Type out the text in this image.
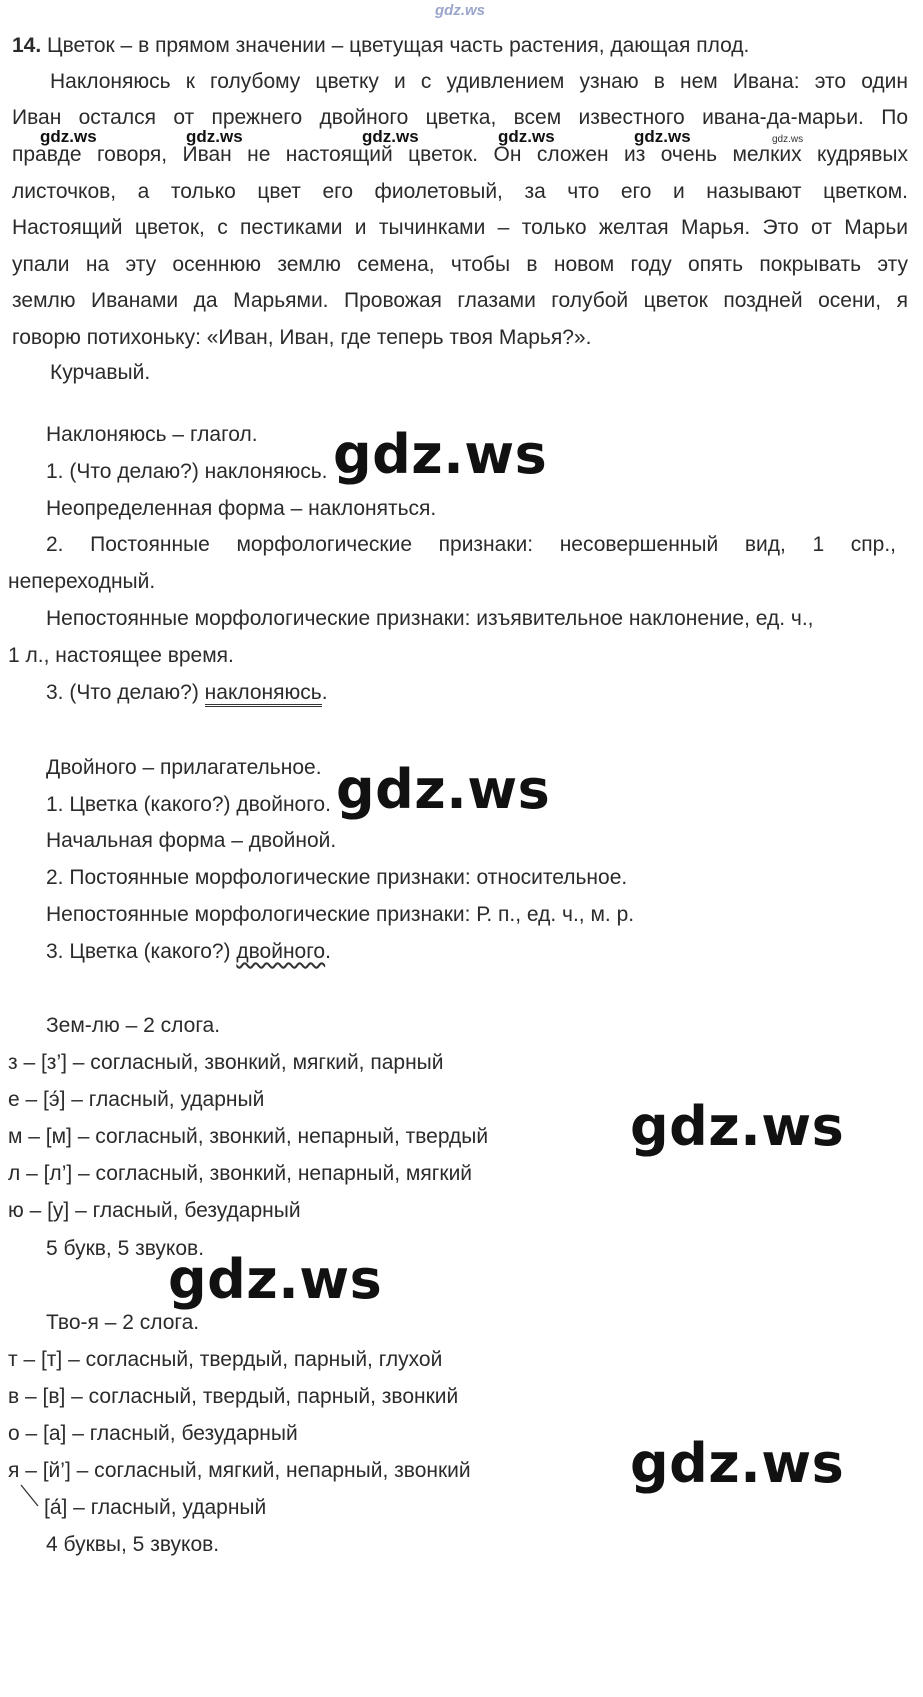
gdz.ws
14. Цветок – в прямом значении – цветущая часть растения, дающая плод.
Наклоняюсь к голубому цветку и с удивлением узнаю в нем Ивана: это один
Иван остался от прежнего двойного цветка, всем известного ивана-да-марьи. По
правде говоря, Иван не настоящий цветок. Он сложен из очень мелких кудрявых
листочков, а только цвет его фиолетовый, за что его и называют цветком.
Настоящий цветок, с пестиками и тычинками – только желтая Марья. Это от Марьи
упали на эту осеннюю землю семена, чтобы в новом году опять покрывать эту
землю Иванами да Марьями. Провожая глазами голубой цветок поздней осени, я
говорю потихоньку: «Иван, Иван, где теперь твоя Марья?».
gdz.ws	gdz.ws	gdz.ws	gdz.ws	gdz.ws	gdz.ws
Курчавый.
Наклоняюсь – глагол.
1. (Что делаю?) наклоняюсь. gdz.ws
Неопределенная форма – наклоняться.
2. Постоянные морфологические признаки: несовершенный вид, 1 спр.,
непереходный.
Непостоянные морфологические признаки: изъявительное наклонение, ед. ч.,
1 л., настоящее время.
3. (Что делаю?) наклоняюсь.
Двойного – прилагательное.
1. Цветка (какого?) двойного. gdz.ws
Начальная форма – двойной.
2. Постоянные морфологические признаки: относительное.
Непостоянные морфологические признаки: Р. п., ед. ч., м. р.
3. Цветка (какого?) двойного.
Зем-лю – 2 слога.
з – [з’] – согласный, звонкий, мягкий, парный
е – [э́] – гласный, ударный
м – [м] – согласный, звонкий, непарный, твердый
л – [л’] – согласный, звонкий, непарный, мягкий
ю – [у] – гласный, безударный
5 букв, 5 звуков.
gdz.ws
gdz.ws
Тво-я – 2 слога.
т – [т] – согласный, твердый, парный, глухой
в – [в] – согласный, твердый, парный, звонкий
о – [а] – гласный, безударный
я – [й’] – согласный, мягкий, непарный, звонкий
[а́] – гласный, ударный
4 буквы, 5 звуков.
gdz.ws
